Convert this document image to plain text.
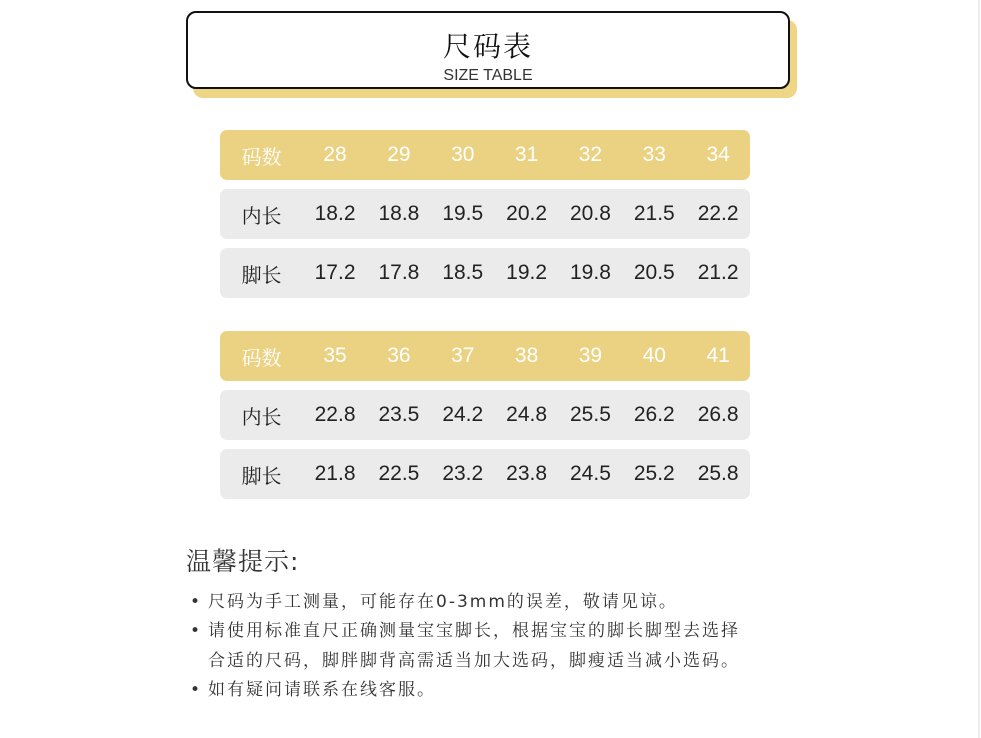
尺码表
SIZE TABLE
码数	28	29	30	31	32	33	34
内长	18.2	18.8	19.5	20.2	20.8	21.5	22.2
脚长	17.2	17.8	18.5	19.2	19.8	20.5	21.2
码数	35	36	37	38	39	40	41
内长	22.8	23.5	24.2	24.8	25.5	26.2	26.8
脚长	21.8	22.5	23.2	23.8	24.5	25.2	25.8
温馨提示:
• 尺码为手工测量，可能存在0-3mm的误差，敬请见谅。
• 请使用标准直尺正确测量宝宝脚长，根据宝宝的脚长脚型去选择
合适的尺码，脚胖脚背高需适当加大选码，脚瘦适当减小选码。
• 如有疑问请联系在线客服。
